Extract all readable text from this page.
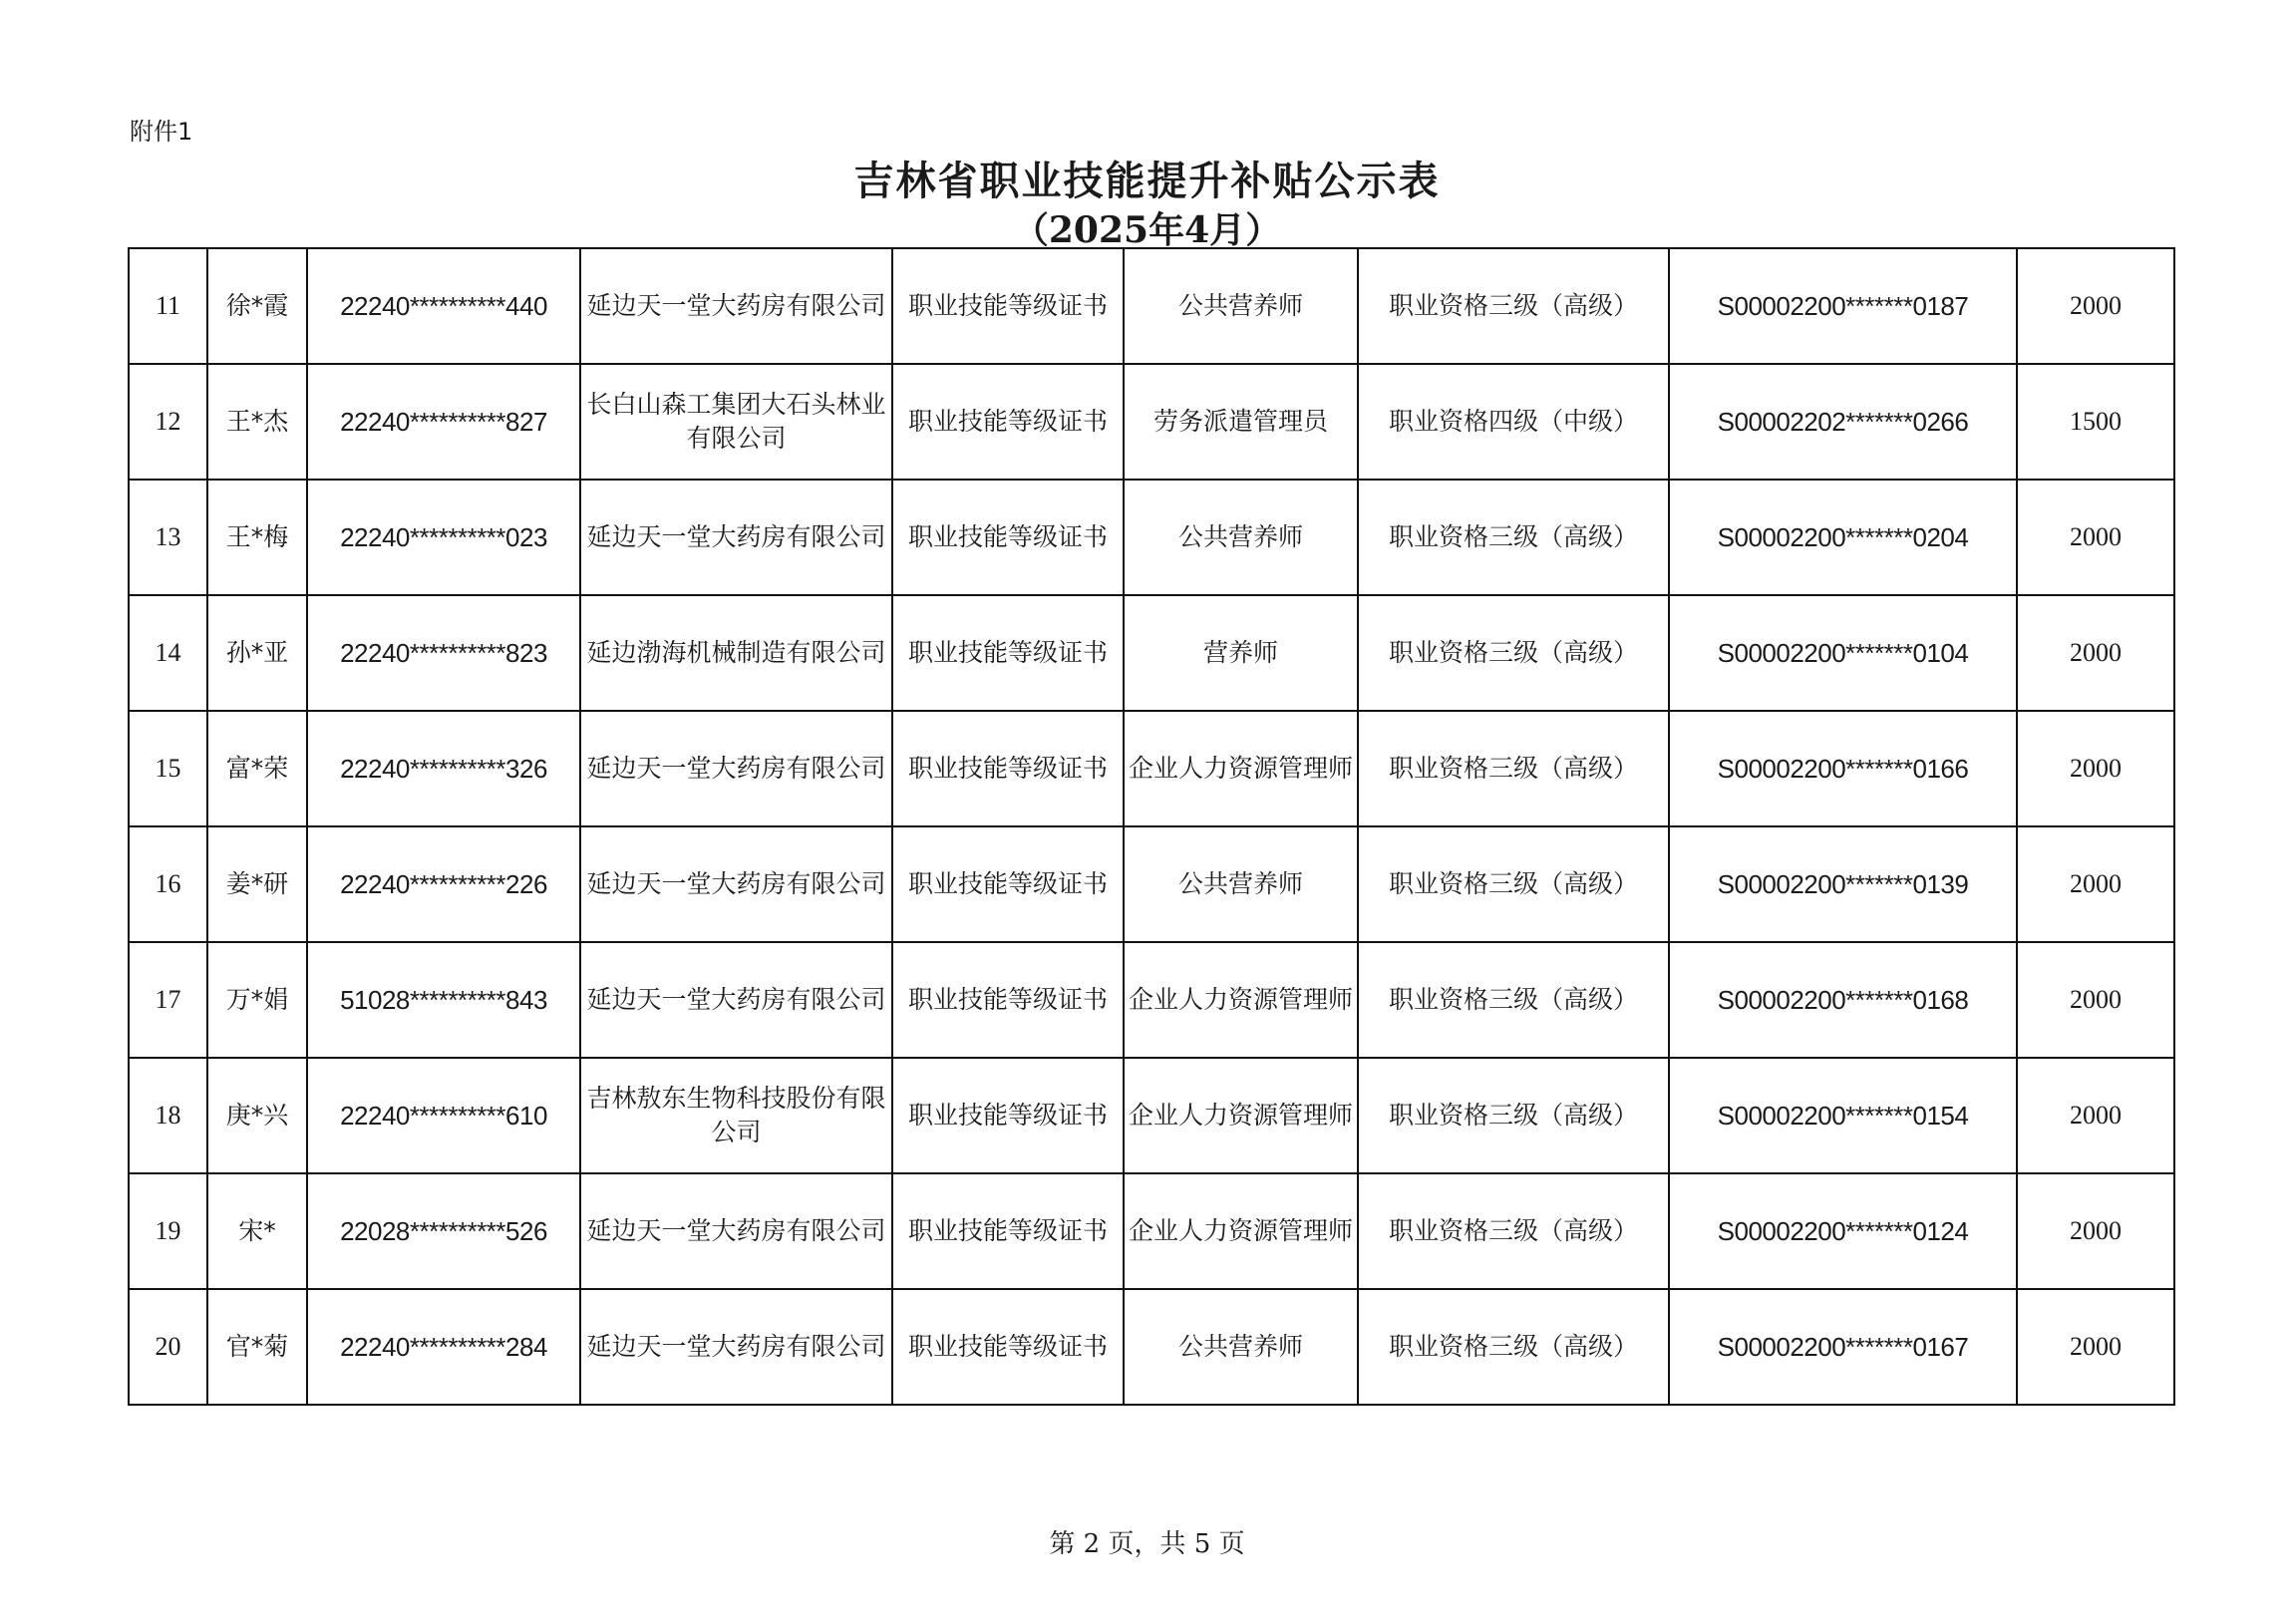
附件1
吉林省职业技能提升补贴公示表
（2025年4月）
11	徐*霞	22240**********440	延边天一堂大药房有限公司	职业技能等级证书	公共营养师	职业资格三级（高级）	S00002200*******0187	2000
12	王*杰	22240**********827	长白山森工集团大石头林业有限公司	职业技能等级证书	劳务派遣管理员	职业资格四级（中级）	S00002202*******0266	1500
13	王*梅	22240**********023	延边天一堂大药房有限公司	职业技能等级证书	公共营养师	职业资格三级（高级）	S00002200*******0204	2000
14	孙*亚	22240**********823	延边渤海机械制造有限公司	职业技能等级证书	营养师	职业资格三级（高级）	S00002200*******0104	2000
15	富*荣	22240**********326	延边天一堂大药房有限公司	职业技能等级证书	企业人力资源管理师	职业资格三级（高级）	S00002200*******0166	2000
16	姜*研	22240**********226	延边天一堂大药房有限公司	职业技能等级证书	公共营养师	职业资格三级（高级）	S00002200*******0139	2000
17	万*娟	51028**********843	延边天一堂大药房有限公司	职业技能等级证书	企业人力资源管理师	职业资格三级（高级）	S00002200*******0168	2000
18	庚*兴	22240**********610	吉林敖东生物科技股份有限公司	职业技能等级证书	企业人力资源管理师	职业资格三级（高级）	S00002200*******0154	2000
19	宋*	22028**********526	延边天一堂大药房有限公司	职业技能等级证书	企业人力资源管理师	职业资格三级（高级）	S00002200*******0124	2000
20	官*菊	22240**********284	延边天一堂大药房有限公司	职业技能等级证书	公共营养师	职业资格三级（高级）	S00002200*******0167	2000
第 2 页，共 5 页
